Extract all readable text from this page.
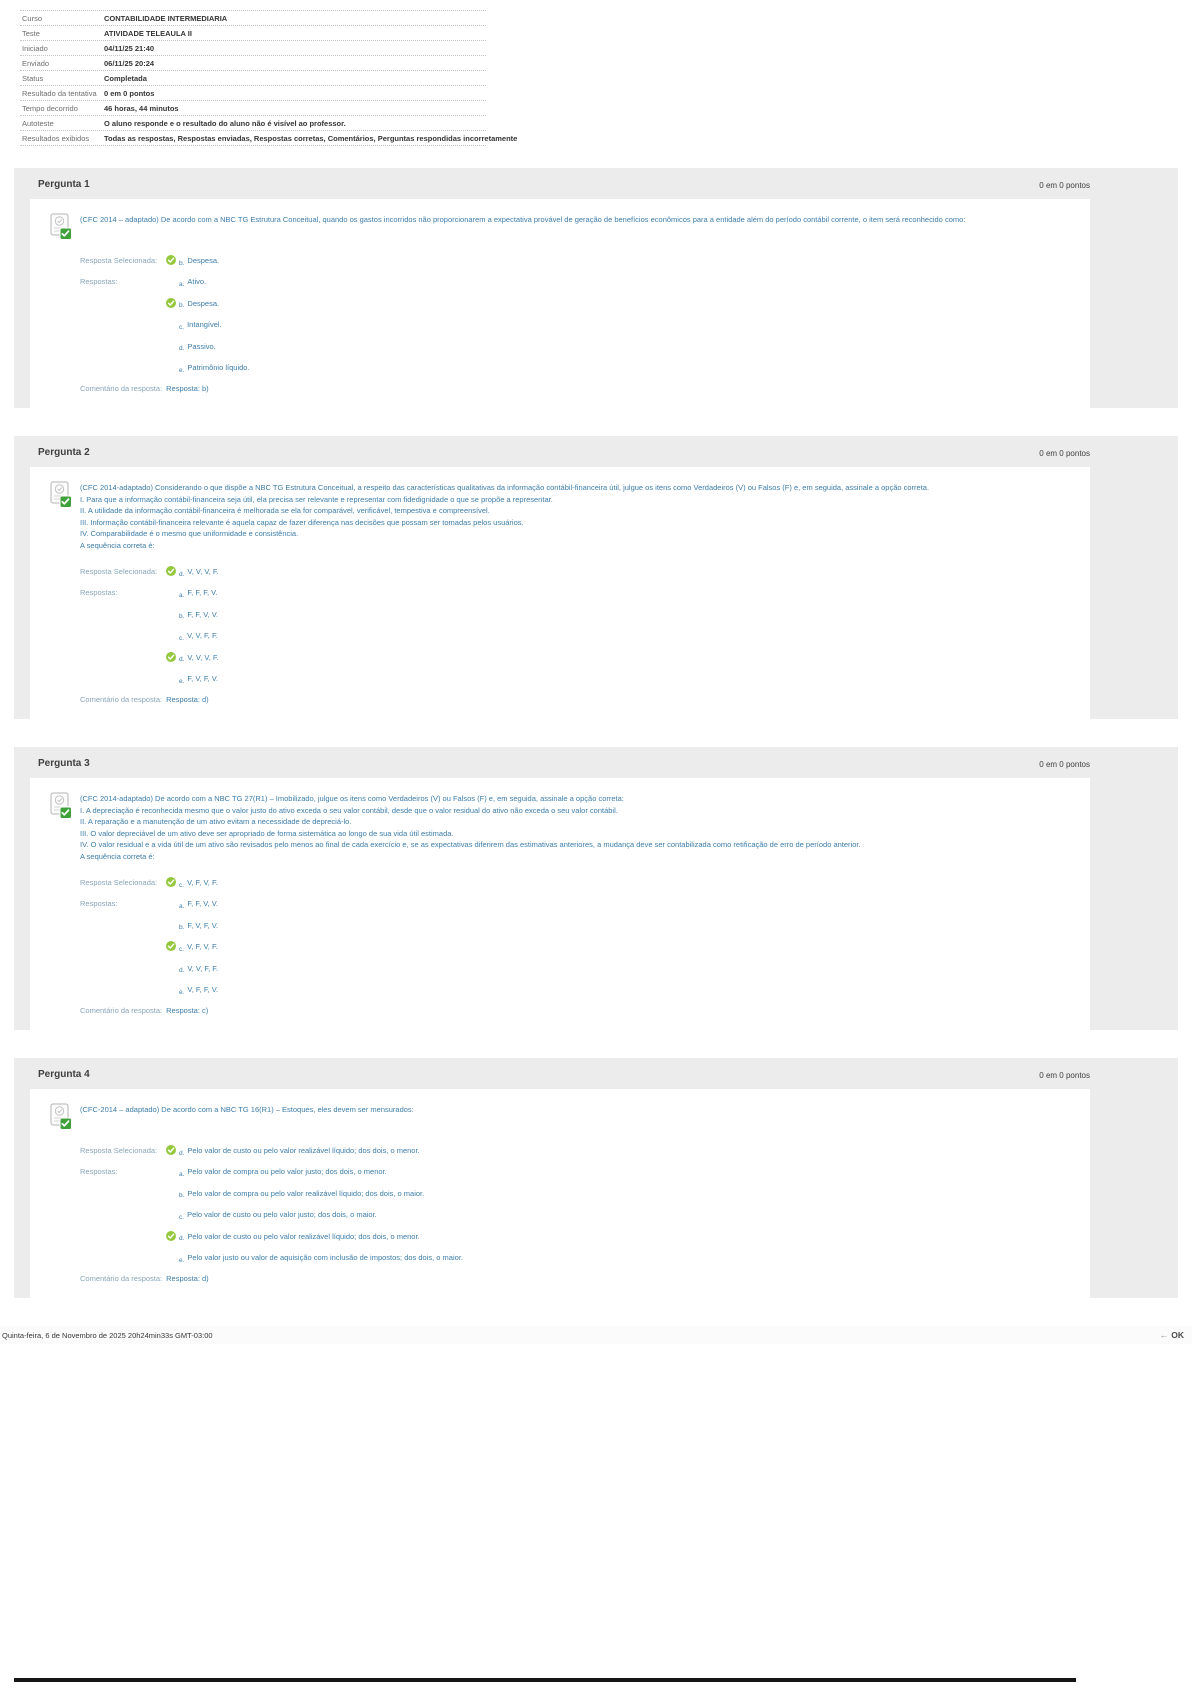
Curso	CONTABILIDADE INTERMEDIARIA
Teste	ATIVIDADE TELEAULA II
Iniciado	04/11/25 21:40
Enviado	06/11/25 20:24
Status	Completada
Resultado da tentativa 0 em 0 pontos
Tempo decorrido	46 horas, 44 minutos
Autoteste	O aluno responde e o resultado do aluno não é visível ao professor.
Resultados exibidos	Todas as respostas, Respostas enviadas, Respostas corretas, Comentários, Perguntas respondidas incorretamente
Pergunta 1	0 em 0 pontos
(CFC 2014 – adaptado) De acordo com a NBC TG Estrutura Conceitual, quando os gastos incorridos não proporcionarem a expectativa provável de geração de benefícios econômicos para a entidade além do período contábil corrente, o item será reconhecido como:
Resposta Selecionada:	b. Despesa.
Respostas:	a. Ativo.
b. Despesa.
c. Intangível.
d. Passivo.
e. Patrimônio líquido.
Comentário da resposta: Resposta: b)
Pergunta 2	0 em 0 pontos
(CFC 2014-adaptado) Considerando o que dispõe a NBC TG Estrutura Conceitual, a respeito das características qualitativas da informação contábil-financeira útil, julgue os itens como Verdadeiros (V) ou Falsos (F) e, em seguida, assinale a opção correta.
I. Para que a informação contábil-financeira seja útil, ela precisa ser relevante e representar com fidedignidade o que se propõe a representar.
II. A utilidade da informação contábil-financeira é melhorada se ela for comparável, verificável, tempestiva e compreensível.
III. Informação contábil-financeira relevante é aquela capaz de fazer diferença nas decisões que possam ser tomadas pelos usuários.
IV. Comparabilidade é o mesmo que uniformidade e consistência.
A sequência correta é:
Resposta Selecionada:	d. V, V, V, F.
Respostas:	a. F, F, F, V.
b. F, F, V, V.
c. V, V, F, F.
d. V, V, V, F.
e. F, V, F, V.
Comentário da resposta: Resposta: d)
Pergunta 3	0 em 0 pontos
(CFC 2014-adaptado) De acordo com a NBC TG 27(R1) – Imobilizado, julgue os itens como Verdadeiros (V) ou Falsos (F) e, em seguida, assinale a opção correta:
I. A depreciação é reconhecida mesmo que o valor justo do ativo exceda o seu valor contábil, desde que o valor residual do ativo não exceda o seu valor contábil.
II. A reparação e a manutenção de um ativo evitam a necessidade de depreciá-lo.
III. O valor depreciável de um ativo deve ser apropriado de forma sistemática ao longo de sua vida útil estimada.
IV. O valor residual e a vida útil de um ativo são revisados pelo menos ao final de cada exercício e, se as expectativas diferirem das estimativas anteriores, a mudança deve ser contabilizada como retificação de erro de período anterior.
A sequência correta é:
Resposta Selecionada:	c. V, F, V, F.
Respostas:	a. F, F, V, V.
b. F, V, F, V.
c. V, F, V, F.
d. V, V, F, F.
e. V, F, F, V.
Comentário da resposta: Resposta: c)
Pergunta 4	0 em 0 pontos
(CFC-2014 – adaptado) De acordo com a NBC TG 16(R1) – Estoques, eles devem ser mensurados:
Resposta Selecionada:	d. Pelo valor de custo ou pelo valor realizável líquido; dos dois, o menor.
Respostas:	a. Pelo valor de compra ou pelo valor justo; dos dois, o menor.
b. Pelo valor de compra ou pelo valor realizável líquido; dos dois, o maior.
c. Pelo valor de custo ou pelo valor justo; dos dois, o maior.
d. Pelo valor de custo ou pelo valor realizável líquido; dos dois, o menor.
e. Pelo valor justo ou valor de aquisição com inclusão de impostos; dos dois, o maior.
Comentário da resposta: Resposta: d)
Quinta-feira, 6 de Novembro de 2025 20h24min33s GMT-03:00	← OK
